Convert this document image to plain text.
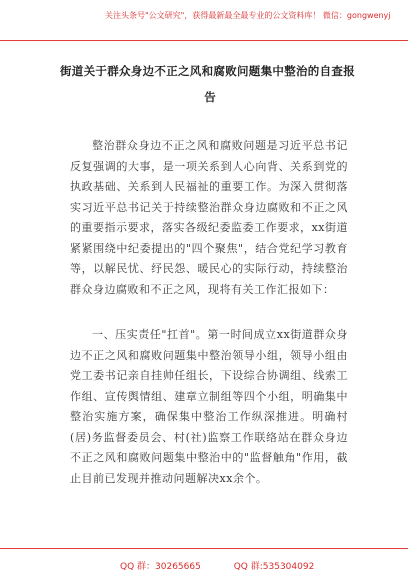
关注头条号"公文研究"，获得最新最全最专业的公文资料库！ 微信：gongwenyj
街道关于群众身边不正之风和腐败问题集中整治的自查报
告
整治群众身边不正之风和腐败问题是习近平总书记反复强调的大事，是一项关系到人心向背、关系到党的执政基础、关系到人民福祉的重要工作。为深入贯彻落实习近平总书记关于持续整治群众身边腐败和不正之风的重要指示要求，落实各级纪委监委工作要求，xx街道紧紧围绕中纪委提出的"四个聚焦"，结合党纪学习教育等，以解民忧、纾民怨、暖民心的实际行动，持续整治群众身边腐败和不正之风，现将有关工作汇报如下：
一、压实责任"扛首"。第一时间成立xx街道群众身边不正之风和腐败问题集中整治领导小组，领导小组由党工委书记亲自挂帅任组长，下设综合协调组、线索工作组、宣传舆情组、建章立制组等四个小组，明确集中整治实施方案，确保集中整治工作纵深推进。明确村(居)务监督委员会、村(社)监察工作联络站在群众身边不正之风和腐败问题集中整治中的"监督触角"作用，截止目前已发现并推动问题解决xx余个。
QQ 群：30265665	QQ 群:535304092
